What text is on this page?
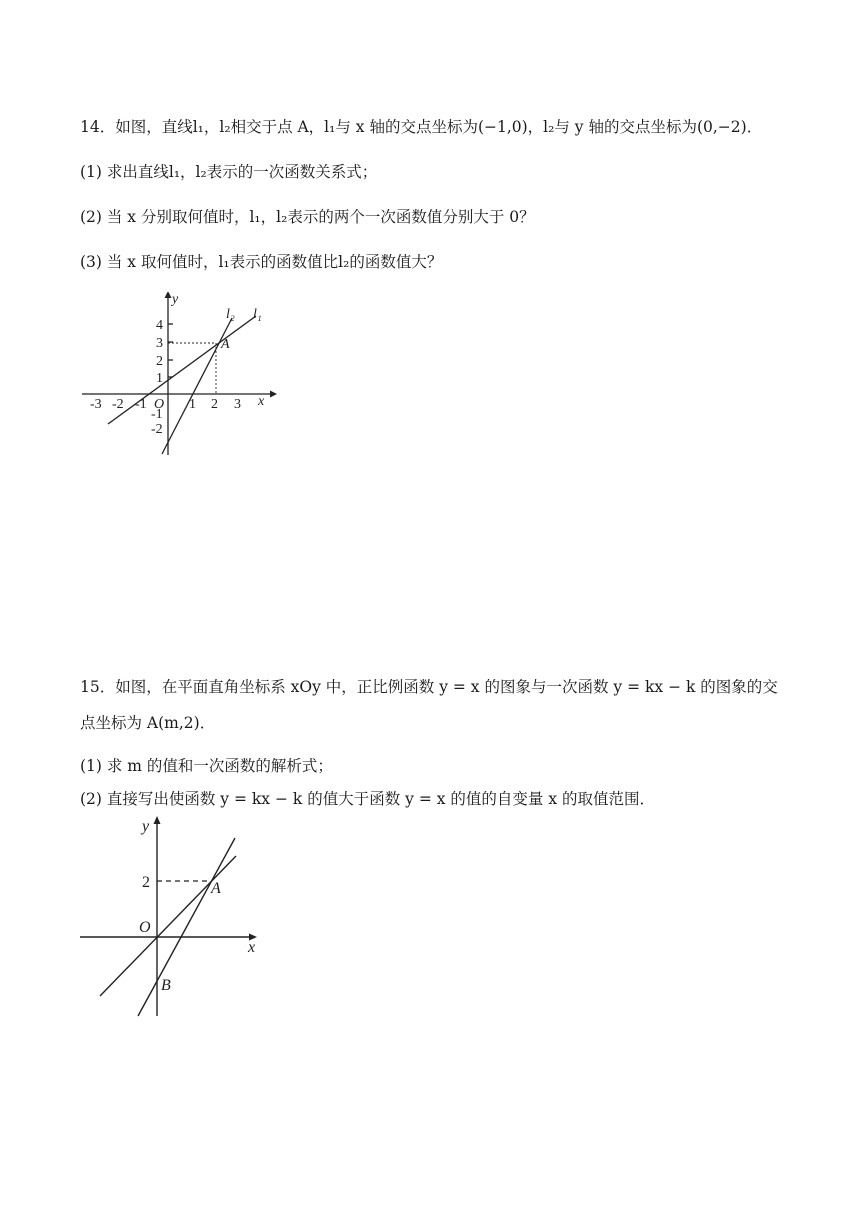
14．如图，直线l₁，l₂相交于点 A，l₁与 x 轴的交点坐标为(−1,0)，l₂与 y 轴的交点坐标为(0,−2)．
(1) 求出直线l₁，l₂表示的一次函数关系式；
(2) 当 x 分别取何值时，l₁，l₂表示的两个一次函数值分别大于 0？
(3) 当 x 取何值时，l₁表示的函数值比l₂的函数值大？
y
x
A
l₂ l₁
O
4
3
2
1
-1
-2
-3 -2 -1	1 2 3
15．如图，在平面直角坐标系 xOy 中，正比例函数 y = x 的图象与一次函数 y = kx − k 的图象的交
点坐标为 A(m,2)．
(1) 求 m 的值和一次函数的解析式；
(2) 直接写出使函数 y = kx − k 的值大于函数 y = x 的值的自变量 x 的取值范围．
y
x
O
A
B
2
